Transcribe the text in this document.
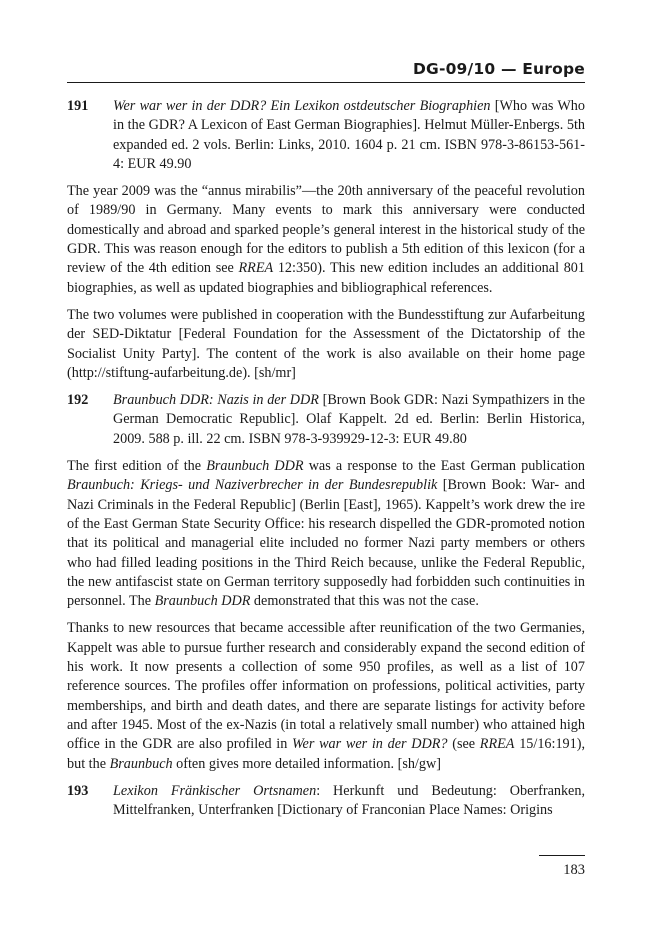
DG-09/10 — Europe
191	Wer war wer in der DDR? Ein Lexikon ostdeutscher Biographien [Who was Who in the GDR? A Lexicon of East German Biographies]. Helmut Müller-Enbergs. 5th expanded ed. 2 vols. Berlin: Links, 2010. 1604 p. 21 cm. ISBN 978-3-86153-561-4: EUR 49.90

The year 2009 was the “annus mirabilis”—the 20th anniversary of the peaceful revolution of 1989/90 in Germany. Many events to mark this anniversary were conducted domestically and abroad and sparked people’s general interest in the historical study of the GDR. This was reason enough for the editors to publish a 5th edition of this lexicon (for a review of the 4th edition see RREA 12:350). This new edition includes an additional 801 biographies, as well as updated biographies and bibliographical references.

The two volumes were published in cooperation with the Bundesstiftung zur Aufarbeitung der SED-Diktatur [Federal Foundation for the Assessment of the Dictatorship of the Socialist Unity Party]. The content of the work is also available on their home page (http://stiftung-aufarbeitung.de). [sh/mr]

192	Braunbuch DDR: Nazis in der DDR [Brown Book GDR: Nazi Sympathizers in the German Democratic Republic]. Olaf Kappelt. 2d ed. Berlin: Berlin Historica, 2009. 588 p. ill. 22 cm. ISBN 978-3-939929-12-3: EUR 49.80

The first edition of the Braunbuch DDR was a response to the East German publication Braunbuch: Kriegs- und Naziverbrecher in der Bundesrepublik [Brown Book: War- and Nazi Criminals in the Federal Republic] (Berlin [East], 1965). Kappelt’s work drew the ire of the East German State Security Office: his research dispelled the GDR-promoted notion that its political and managerial elite included no former Nazi party members or others who had filled leading positions in the Third Reich because, unlike the Federal Republic, the new antifascist state on German territory supposedly had forbidden such continuities in personnel. The Braunbuch DDR demonstrated that this was not the case.

Thanks to new resources that became accessible after reunification of the two Germanies, Kappelt was able to pursue further research and considerably expand the second edition of his work. It now presents a collection of some 950 profiles, as well as a list of 107 reference sources. The profiles offer information on professions, political activities, party memberships, and birth and death dates, and there are separate listings for activity before and after 1945. Most of the ex-Nazis (in total a relatively small number) who attained high office in the GDR are also profiled in Wer war wer in der DDR? (see RREA 15/16:191), but the Braunbuch often gives more detailed information. [sh/gw]

193	Lexikon Fränkischer Ortsnamen: Herkunft und Bedeutung: Oberfranken, Mittelfranken, Unterfranken [Dictionary of Franconian Place Names: Origins
183
